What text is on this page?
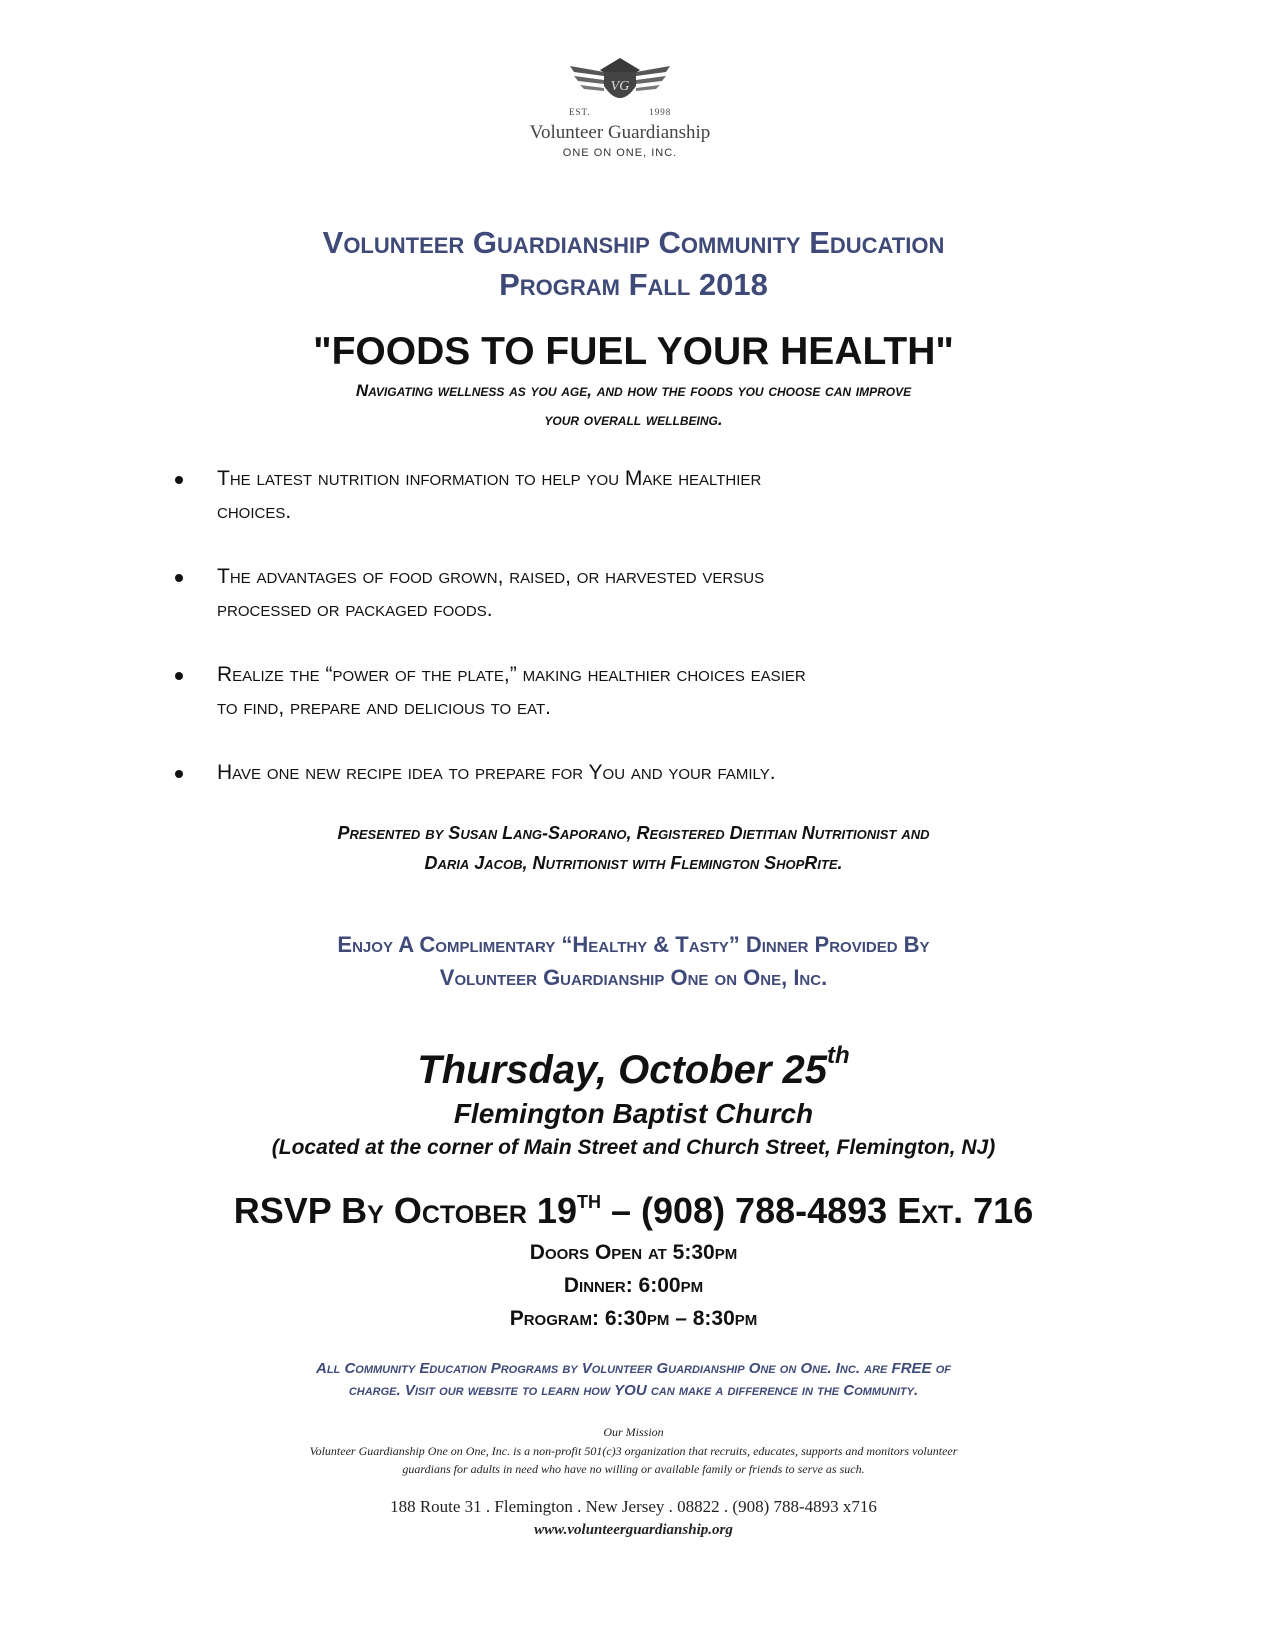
VG
EST.	1998
Volunteer Guardianship
ONE ON ONE, INC.
Volunteer Guardianship Community Education
Program Fall 2018
"FOODS TO FUEL YOUR HEALTH"
Navigating wellness as you age, and how the foods you choose can improve
your overall wellbeing.
The latest nutrition information to help you Make healthier
choices.
The advantages of food grown, raised, or harvested versus
processed or packaged foods.
Realize the “power of the plate,” making healthier choices easier
to find, prepare and delicious to eat.
Have one new recipe idea to prepare for You and your family.
Presented by Susan Lang-Saporano, Registered Dietitian Nutritionist and
Daria Jacob, Nutritionist with Flemington ShopRite.
Enjoy A Complimentary “Healthy & Tasty” Dinner Provided By
Volunteer Guardianship One on One, Inc.
Thursday, October 25th
Flemington Baptist Church
(Located at the corner of Main Street and Church Street, Flemington, NJ)
RSVP By October 19TH – (908) 788-4893 Ext. 716
Doors Open at 5:30pm
Dinner: 6:00pm
Program: 6:30pm – 8:30pm
All Community Education Programs by Volunteer Guardianship One on One. Inc. are FREE of
charge. Visit our website to learn how YOU can make a difference in the Community.
Our Mission
Volunteer Guardianship One on One, Inc. is a non-profit 501(c)3 organization that recruits, educates, supports and monitors volunteer
guardians for adults in need who have no willing or available family or friends to serve as such.
188 Route 31 . Flemington . New Jersey . 08822 . (908) 788-4893 x716
www.volunteerguardianship.org
